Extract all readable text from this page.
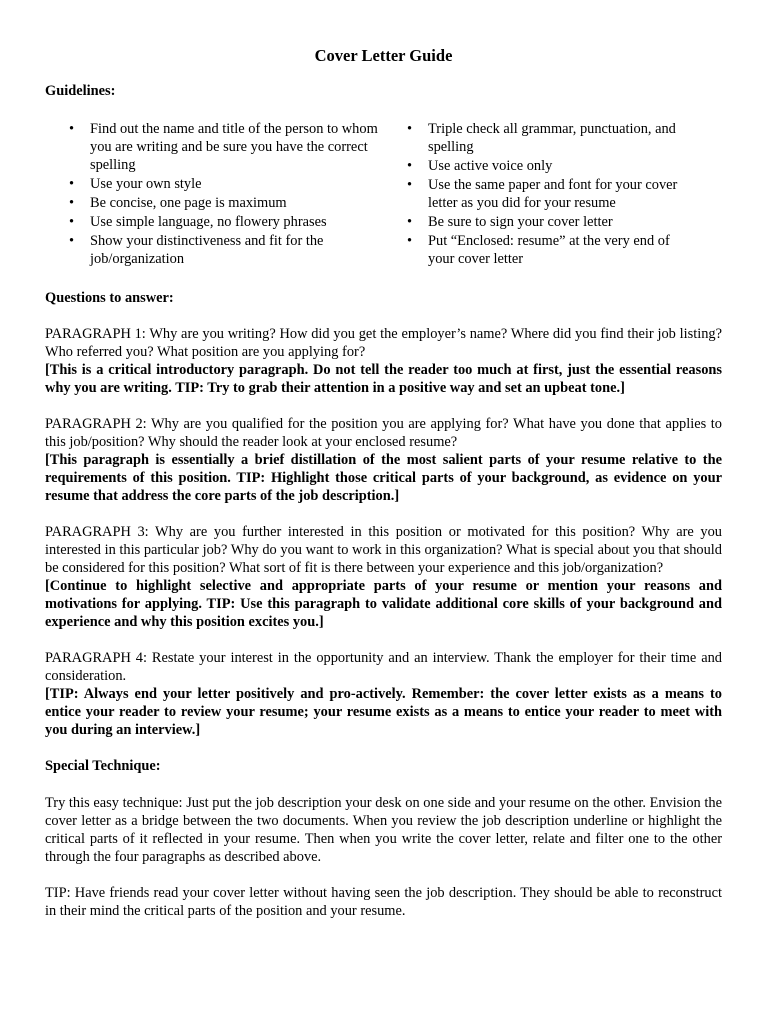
Cover Letter Guide
Guidelines:
•	Find out the name and title of the person to whom you are writing and be sure you have the correct spelling
•	Use your own style
•	Be concise, one page is maximum
•	Use simple language, no flowery phrases
•	Show your distinctiveness and fit for the job/organization
•	Triple check all grammar, punctuation, and spelling
•	Use active voice only
•	Use the same paper and font for your cover letter as you did for your resume
•	Be sure to sign your cover letter
•	Put “Enclosed: resume” at the very end of your cover letter
Questions to answer:

PARAGRAPH 1: Why are you writing? How did you get the employer’s name? Where did you find their job listing? Who referred you? What position are you applying for?

[This is a critical introductory paragraph. Do not tell the reader too much at first, just the essential reasons why you are writing. TIP: Try to grab their attention in a positive way and set an upbeat tone.]

PARAGRAPH 2: Why are you qualified for the position you are applying for? What have you done that applies to this job/position? Why should the reader look at your enclosed resume?

[This paragraph is essentially a brief distillation of the most salient parts of your resume relative to the requirements of this position. TIP: Highlight those critical parts of your background, as evidence on your resume that address the core parts of the job description.]

PARAGRAPH 3: Why are you further interested in this position or motivated for this position? Why are you interested in this particular job? Why do you want to work in this organization? What is special about you that should be considered for this position? What sort of fit is there between your experience and this job/organization?

[Continue to highlight selective and appropriate parts of your resume or mention your reasons and motivations for applying. TIP: Use this paragraph to validate additional core skills of your background and experience and why this position excites you.]

PARAGRAPH 4: Restate your interest in the opportunity and an interview. Thank the employer for their time and consideration.

[TIP: Always end your letter positively and pro-actively. Remember: the cover letter exists as a means to entice your reader to review your resume; your resume exists as a means to entice your reader to meet with you during an interview.]

Special Technique:

Try this easy technique: Just put the job description your desk on one side and your resume on the other. Envision the cover letter as a bridge between the two documents. When you review the job description underline or highlight the critical parts of it reflected in your resume. Then when you write the cover letter, relate and filter one to the other through the four paragraphs as described above.

TIP: Have friends read your cover letter without having seen the job description. They should be able to reconstruct in their mind the critical parts of the position and your resume.
